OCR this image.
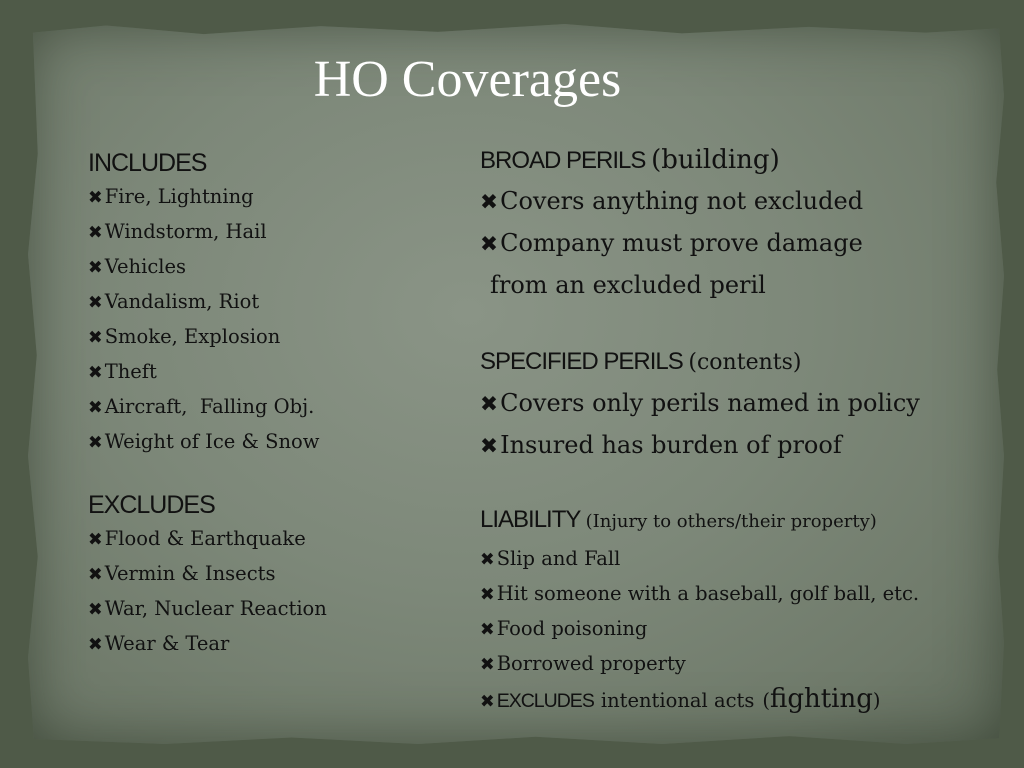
HO Coverages
INCLUDES
✖ Fire, Lightning
✖ Windstorm, Hail
✖ Vehicles
✖ Vandalism, Riot
✖ Smoke, Explosion
✖ Theft
✖ Aircraft,  Falling Obj.
✖ Weight of Ice & Snow
EXCLUDES
✖ Flood & Earthquake
✖ Vermin & Insects
✖ War, Nuclear Reaction
✖ Wear & Tear
BROAD PERILS (building)
✖ Covers anything not excluded
✖ Company must prove damage
from an excluded peril
SPECIFIED PERILS (contents)
✖ Covers only perils named in policy
✖ Insured has burden of proof
LIABILITY (Injury to others/their property)
✖ Slip and Fall
✖ Hit someone with a baseball, golf ball, etc.
✖ Food poisoning
✖ Borrowed property
✖ EXCLUDES intentional acts ( fighting )
